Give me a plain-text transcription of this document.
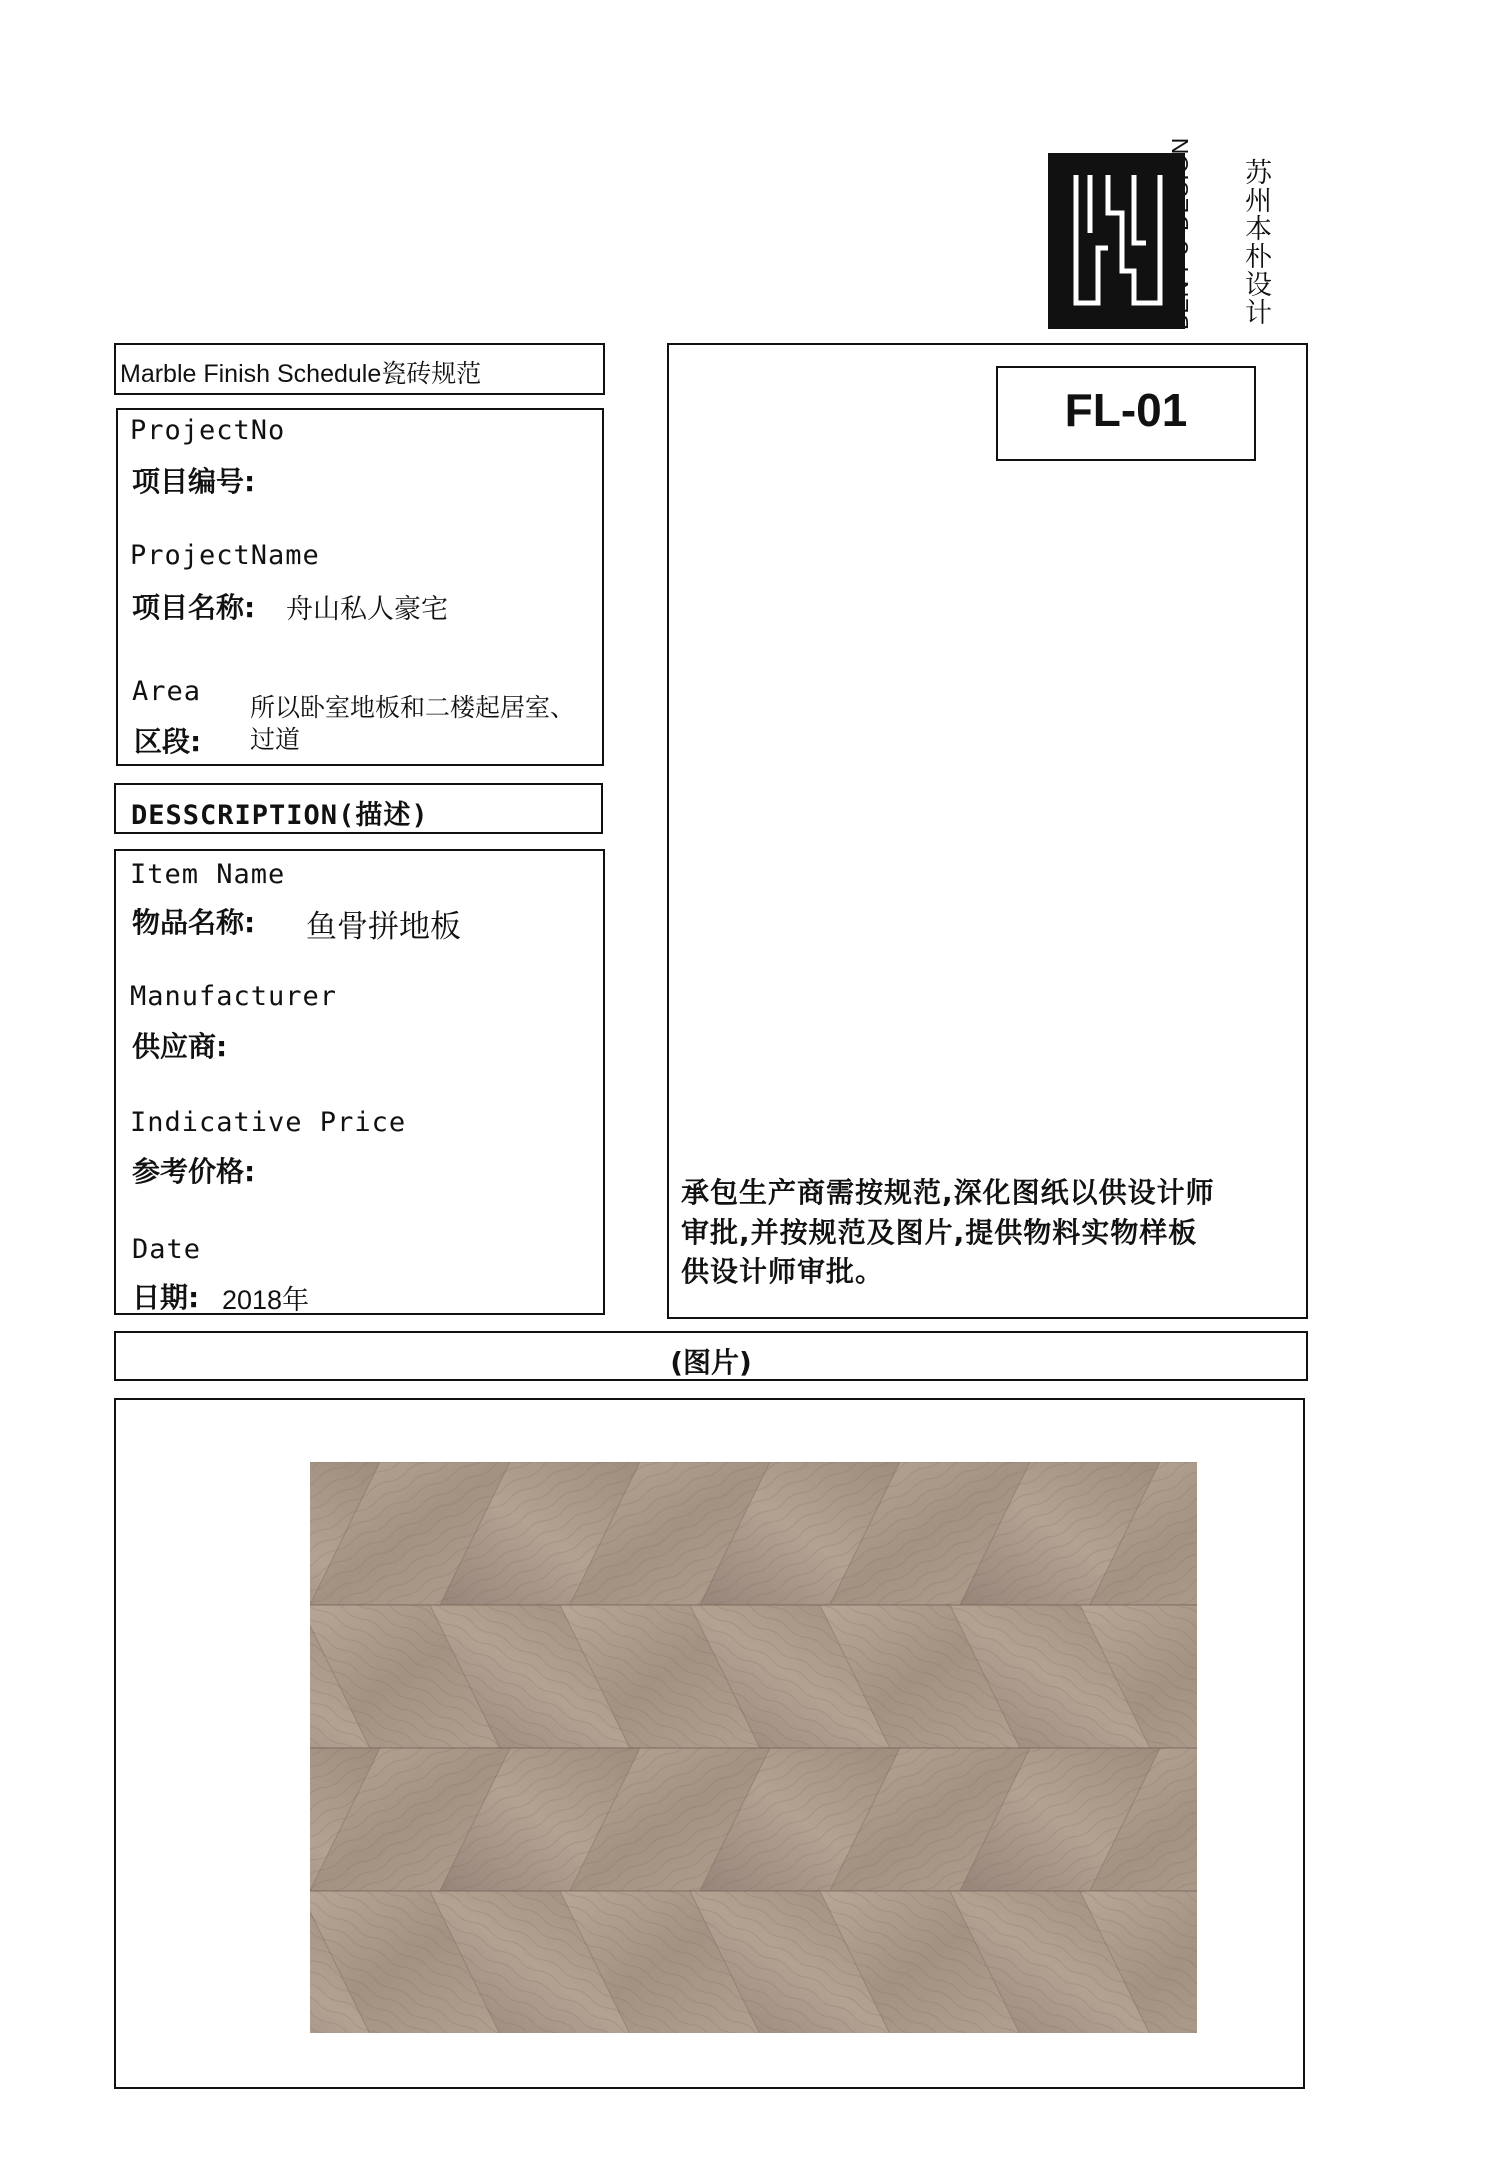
BEN PU DESIGN 苏州本朴设计
Marble Finish Schedule瓷砖规范
ProjectNo
项目编号:
ProjectName
项目名称: 舟山私人豪宅
Area
区段:
所以卧室地板和二楼起居室、
过道
DESSCRIPTION(描述)
Item Name
物品名称: 鱼骨拼地板
Manufacturer
供应商:
Indicative Price
参考价格:
Date
日期: 2018年
FL-01
承包生产商需按规范,深化图纸以供设计师
审批,并按规范及图片,提供物料实物样板
供设计师审批。
(图片)
